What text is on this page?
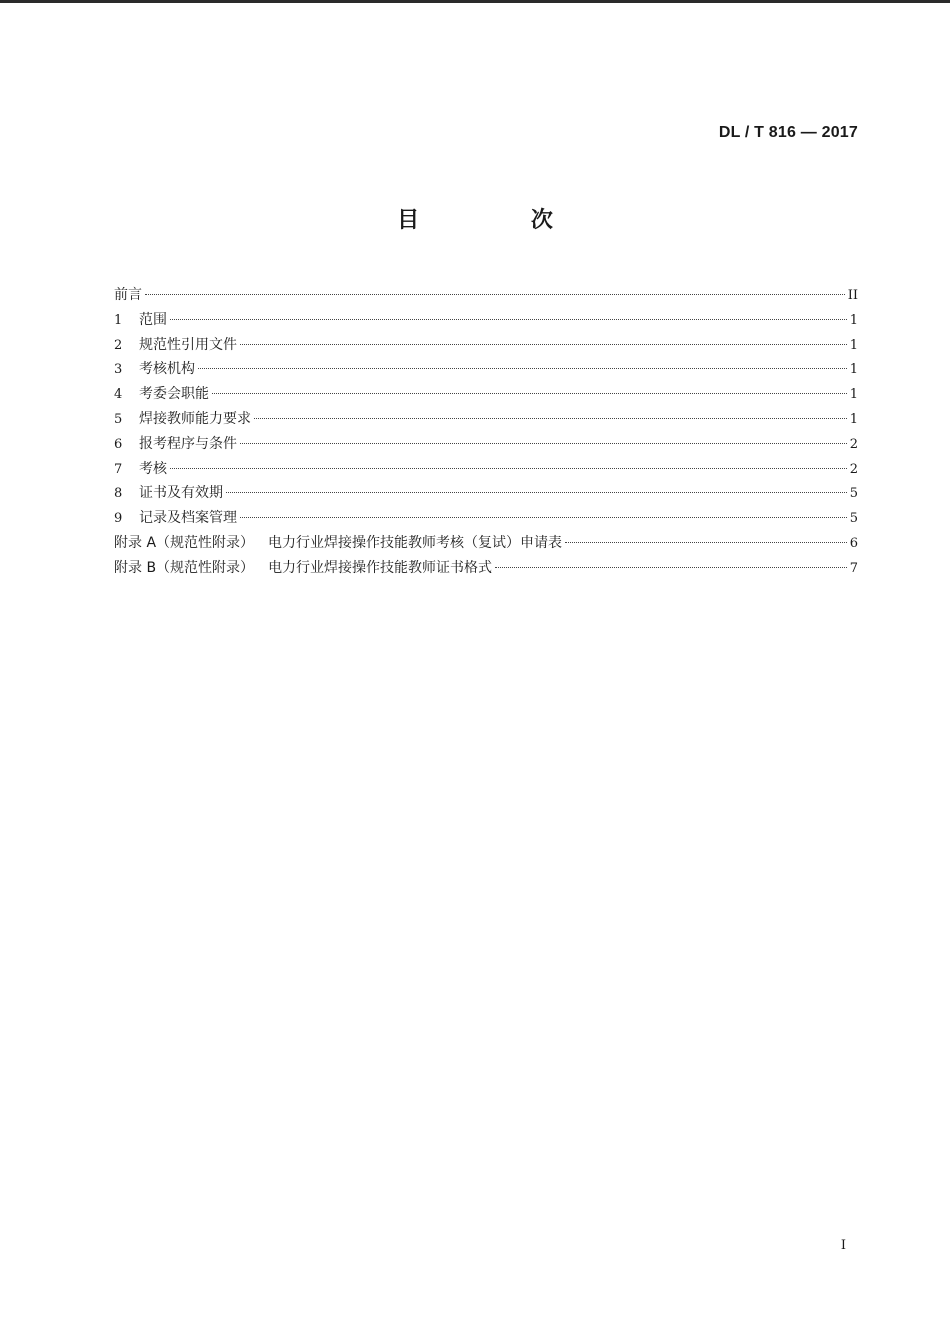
DL / T 816 — 2017
目 次
前言	II
1	范围	1
2	规范性引用文件	1
3	考核机构	1
4	考委会职能	1
5	焊接教师能力要求	1
6	报考程序与条件	2
7	考核	2
8	证书及有效期	5
9	记录及档案管理	5
附录 A（规范性附录） 电力行业焊接操作技能教师考核（复试）申请表	6
附录 B（规范性附录） 电力行业焊接操作技能教师证书格式	7
I
